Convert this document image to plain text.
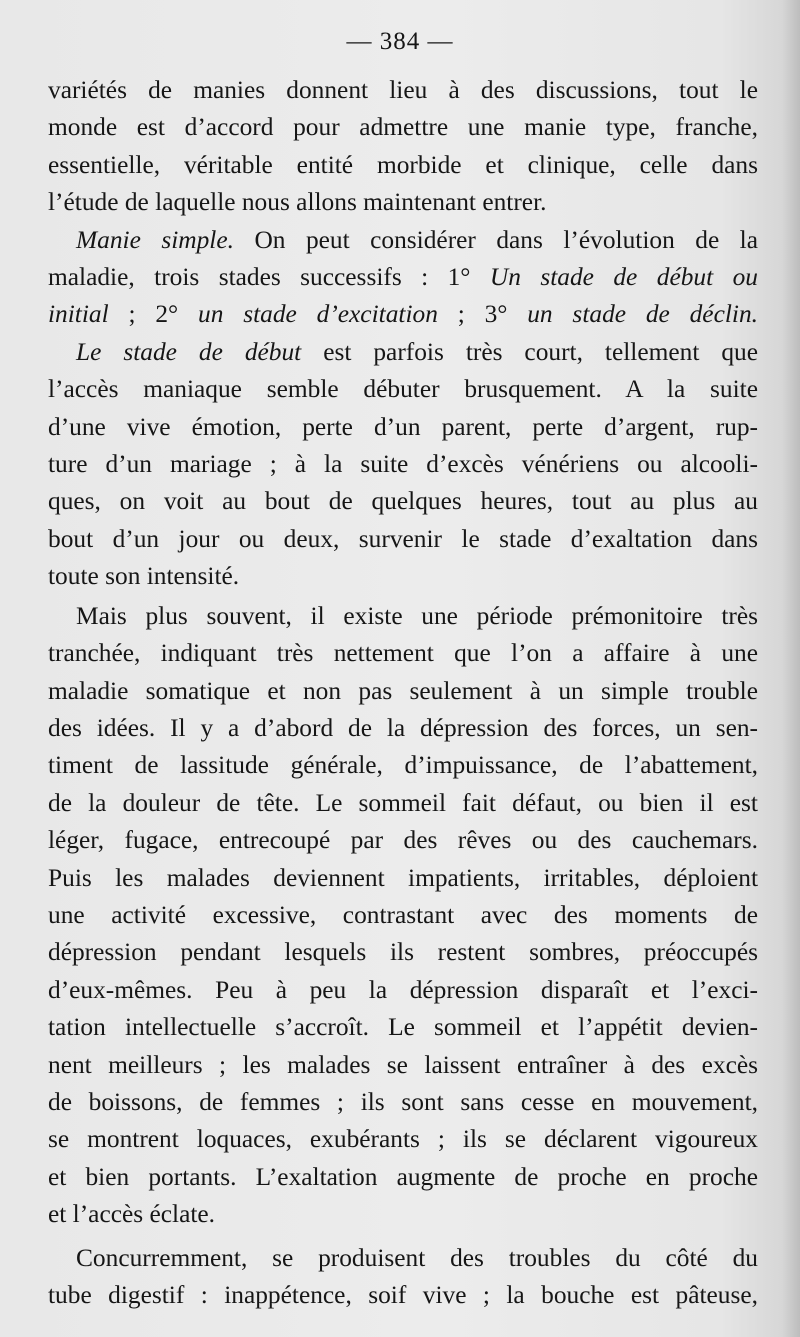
— 384 —

variétés de manies donnent lieu à des discussions, tout le

monde est d’accord pour admettre une manie type, franche,

essentielle, véritable entité morbide et clinique, celle dans

l’étude de laquelle nous allons maintenant entrer.

Manie simple. On peut considérer dans l’évolution de la

maladie, trois stades successifs : 1° Un stade de début ou

initial ; 2° un stade d’excitation ; 3° un stade de déclin.

Le stade de début est parfois très court, tellement que

l’accès maniaque semble débuter brusquement. A la suite

d’une vive émotion, perte d’un parent, perte d’argent, rup-

ture d’un mariage ; à la suite d’excès vénériens ou alcooli-

ques, on voit au bout de quelques heures, tout au plus au

bout d’un jour ou deux, survenir le stade d’exaltation dans

toute son intensité.

Mais plus souvent, il existe une période prémonitoire très

tranchée, indiquant très nettement que l’on a affaire à une

maladie somatique et non pas seulement à un simple trouble

des idées. Il y a d’abord de la dépression des forces, un sen-

timent de lassitude générale, d’impuissance, de l’abattement,

de la douleur de tête. Le sommeil fait défaut, ou bien il est

léger, fugace, entrecoupé par des rêves ou des cauchemars.

Puis les malades deviennent impatients, irritables, déploient

une activité excessive, contrastant avec des moments de

dépression pendant lesquels ils restent sombres, préoccupés

d’eux-mêmes. Peu à peu la dépression disparaît et l’exci-

tation intellectuelle s’accroît. Le sommeil et l’appétit devien-

nent meilleurs ; les malades se laissent entraîner à des excès

de boissons, de femmes ; ils sont sans cesse en mouvement,

se montrent loquaces, exubérants ; ils se déclarent vigoureux

et bien portants. L’exaltation augmente de proche en proche

et l’accès éclate.

Concurremment, se produisent des troubles du côté du

tube digestif : inappétence, soif vive ; la bouche est pâteuse,
